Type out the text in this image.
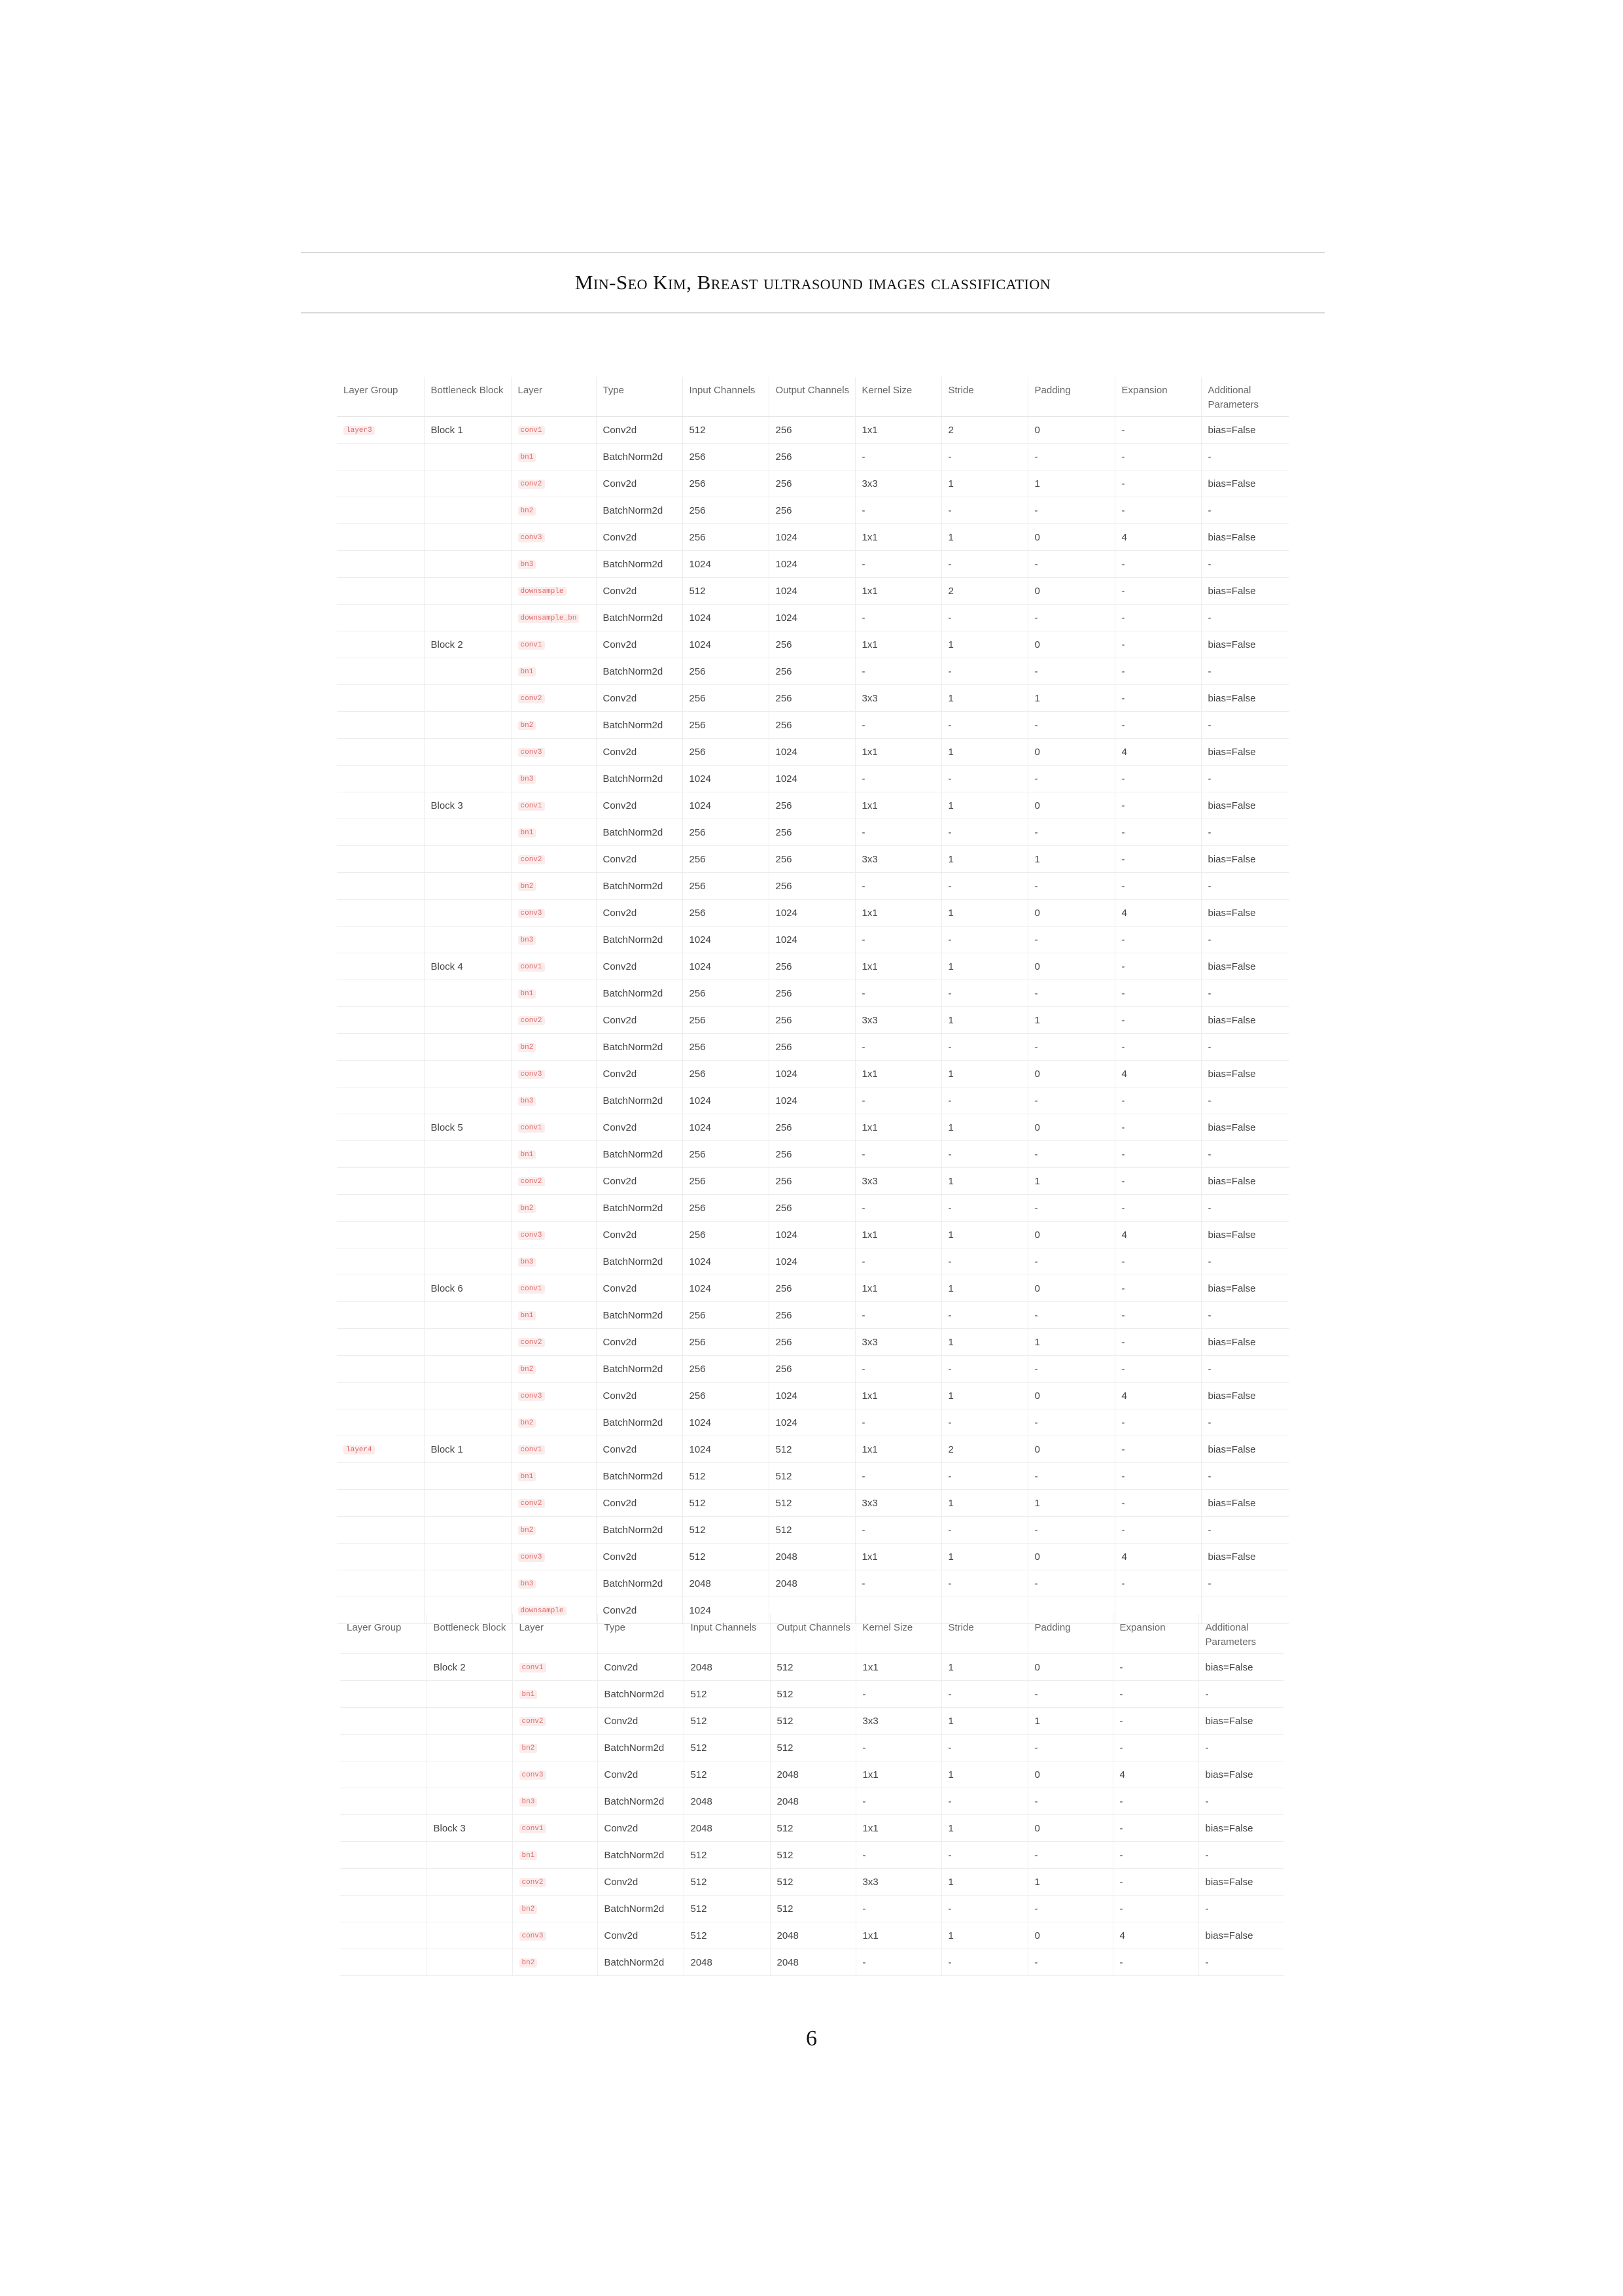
Min-Seo Kim, Breast ultrasound images classification
Layer Group	Bottleneck Block	Layer	Type	Input Channels	Output Channels	Kernel Size	Stride	Padding	Expansion	Additional Parameters
layer3	Block 1	conv1	Conv2d	512	256	1x1	2	0	-	bias=False
		bn1	BatchNorm2d	256	256	-	-	-	-	-
		conv2	Conv2d	256	256	3x3	1	1	-	bias=False
		bn2	BatchNorm2d	256	256	-	-	-	-	-
		conv3	Conv2d	256	1024	1x1	1	0	4	bias=False
		bn3	BatchNorm2d	1024	1024	-	-	-	-	-
		downsample	Conv2d	512	1024	1x1	2	0	-	bias=False
		downsample_bn	BatchNorm2d	1024	1024	-	-	-	-	-
	Block 2	conv1	Conv2d	1024	256	1x1	1	0	-	bias=False
		bn1	BatchNorm2d	256	256	-	-	-	-	-
		conv2	Conv2d	256	256	3x3	1	1	-	bias=False
		bn2	BatchNorm2d	256	256	-	-	-	-	-
		conv3	Conv2d	256	1024	1x1	1	0	4	bias=False
		bn3	BatchNorm2d	1024	1024	-	-	-	-	-
	Block 3	conv1	Conv2d	1024	256	1x1	1	0	-	bias=False
		bn1	BatchNorm2d	256	256	-	-	-	-	-
		conv2	Conv2d	256	256	3x3	1	1	-	bias=False
		bn2	BatchNorm2d	256	256	-	-	-	-	-
		conv3	Conv2d	256	1024	1x1	1	0	4	bias=False
		bn3	BatchNorm2d	1024	1024	-	-	-	-	-
	Block 4	conv1	Conv2d	1024	256	1x1	1	0	-	bias=False
		bn1	BatchNorm2d	256	256	-	-	-	-	-
		conv2	Conv2d	256	256	3x3	1	1	-	bias=False
		bn2	BatchNorm2d	256	256	-	-	-	-	-
		conv3	Conv2d	256	1024	1x1	1	0	4	bias=False
		bn3	BatchNorm2d	1024	1024	-	-	-	-	-
	Block 5	conv1	Conv2d	1024	256	1x1	1	0	-	bias=False
		bn1	BatchNorm2d	256	256	-	-	-	-	-
		conv2	Conv2d	256	256	3x3	1	1	-	bias=False
		bn2	BatchNorm2d	256	256	-	-	-	-	-
		conv3	Conv2d	256	1024	1x1	1	0	4	bias=False
		bn3	BatchNorm2d	1024	1024	-	-	-	-	-
	Block 6	conv1	Conv2d	1024	256	1x1	1	0	-	bias=False
		bn1	BatchNorm2d	256	256	-	-	-	-	-
		conv2	Conv2d	256	256	3x3	1	1	-	bias=False
		bn2	BatchNorm2d	256	256	-	-	-	-	-
		conv3	Conv2d	256	1024	1x1	1	0	4	bias=False
		bn2	BatchNorm2d	1024	1024	-	-	-	-	-
layer4	Block 1	conv1	Conv2d	1024	512	1x1	2	0	-	bias=False
		bn1	BatchNorm2d	512	512	-	-	-	-	-
		conv2	Conv2d	512	512	3x3	1	1	-	bias=False
		bn2	BatchNorm2d	512	512	-	-	-	-	-
		conv3	Conv2d	512	2048	1x1	1	0	4	bias=False
		bn3	BatchNorm2d	2048	2048	-	-	-	-	-
		downsample	Conv2d	1024						
Layer Group	Bottleneck Block	Layer	Type	Input Channels	Output Channels	Kernel Size	Stride	Padding	Expansion	Additional Parameters
	Block 2	conv1	Conv2d	2048	512	1x1	1	0	-	bias=False
		bn1	BatchNorm2d	512	512	-	-	-	-	-
		conv2	Conv2d	512	512	3x3	1	1	-	bias=False
		bn2	BatchNorm2d	512	512	-	-	-	-	-
		conv3	Conv2d	512	2048	1x1	1	0	4	bias=False
		bn3	BatchNorm2d	2048	2048	-	-	-	-	-
	Block 3	conv1	Conv2d	2048	512	1x1	1	0	-	bias=False
		bn1	BatchNorm2d	512	512	-	-	-	-	-
		conv2	Conv2d	512	512	3x3	1	1	-	bias=False
		bn2	BatchNorm2d	512	512	-	-	-	-	-
		conv3	Conv2d	512	2048	1x1	1	0	4	bias=False
		bn2	BatchNorm2d	2048	2048	-	-	-	-	-
6
